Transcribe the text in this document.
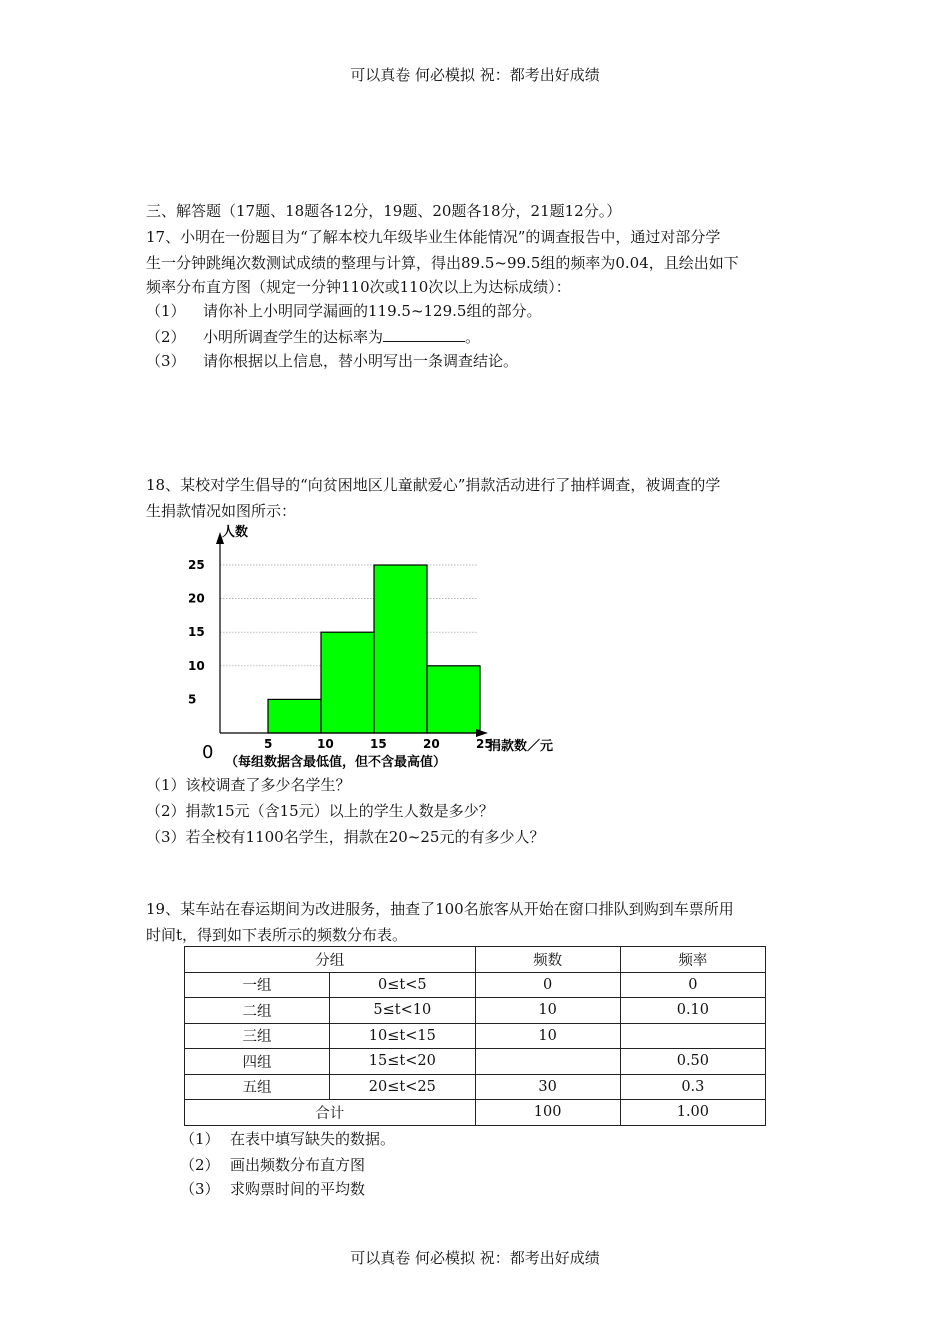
可以真卷 何必模拟 祝：都考出好成绩
三、解答题（17题、18题各12分，19题、20题各18分，21题12分。）
17、小明在一份题目为“了解本校九年级毕业生体能情况”的调查报告中，通过对部分学
生一分钟跳绳次数测试成绩的整理与计算，得出89.5~99.5组的频率为0.04，且绘出如下
频率分布直方图（规定一分钟110次或110次以上为达标成绩）：
（1） 请你补上小明同学漏画的119.5~129.5组的部分。
（2） 小明所调查学生的达标率为	。
（3） 请你根据以上信息，替小明写出一条调查结论。
18、某校对学生倡导的“向贫困地区儿童献爱心”捐款活动进行了抽样调查，被调查的学
生捐款情况如图所示：
人数
捐款数／元
0 （每组数据含最低值，但不含最高值）
5	10	15	20	25
5
10
15
20
25
（1）该校调查了多少名学生？
（2）捐款15元（含15元）以上的学生人数是多少？
（3）若全校有1100名学生，捐款在20~25元的有多少人？
19、某车站在春运期间为改进服务，抽查了100名旅客从开始在窗口排队到购到车票所用
时间t，得到如下表所示的频数分布表。
分组		频数	频率
一组	0≤t<5	0	0
二组	5≤t<10	10	0.10
三组	10≤t<15	10	
四组	15≤t<20		0.50
五组	20≤t<25	30	0.3
合计		100	1.00
（1） 在表中填写缺失的数据。
（2） 画出频数分布直方图
（3） 求购票时间的平均数
可以真卷 何必模拟 祝：都考出好成绩
